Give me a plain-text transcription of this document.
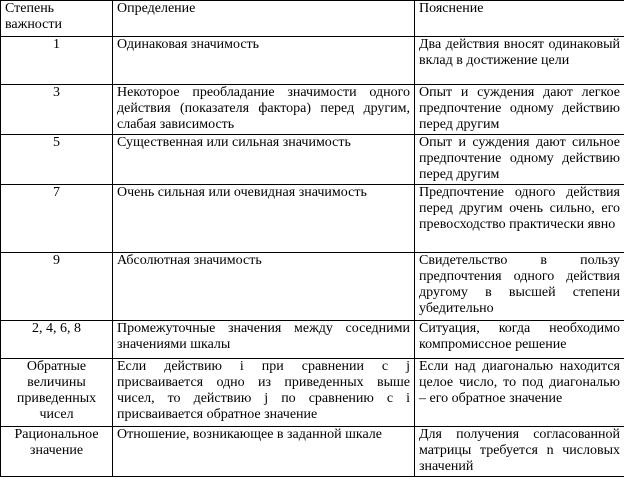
Степень важности	Определение	Пояснение
1	Одинаковая значимость	Два действия вносят одинаковый вклад в достижение цели
3	Некоторое преобладание значимости одного действия (показателя фактора) перед другим, слабая зависимость	Опыт и суждения дают легкое предпочтение одному действию перед другим
5	Существенная или сильная значимость	Опыт и суждения дают сильное предпочтение одному действию перед другим
7	Очень сильная или очевидная значимость	Предпочтение одного действия перед другим очень сильно, его превосходство практически явно
9	Абсолютная значимость	Свидетельство в пользу предпочтения одного действия другому в высшей степени убедительно
2, 4, 6, 8	Промежуточные значения между соседними значениями шкалы	Ситуация, когда необходимо компромиссное решение
Обратные величины приведенных чисел	Если действию i при сравнении с j присваивается одно из приведенных выше чисел, то действию j по сравнению с i присваивается обратное значение	Если над диагональю находится целое число, то под диагональю – его обратное значение
Рациональное значение	Отношение, возникающее в заданной шкале	Для получения согласованной матрицы требуется n числовых значений
